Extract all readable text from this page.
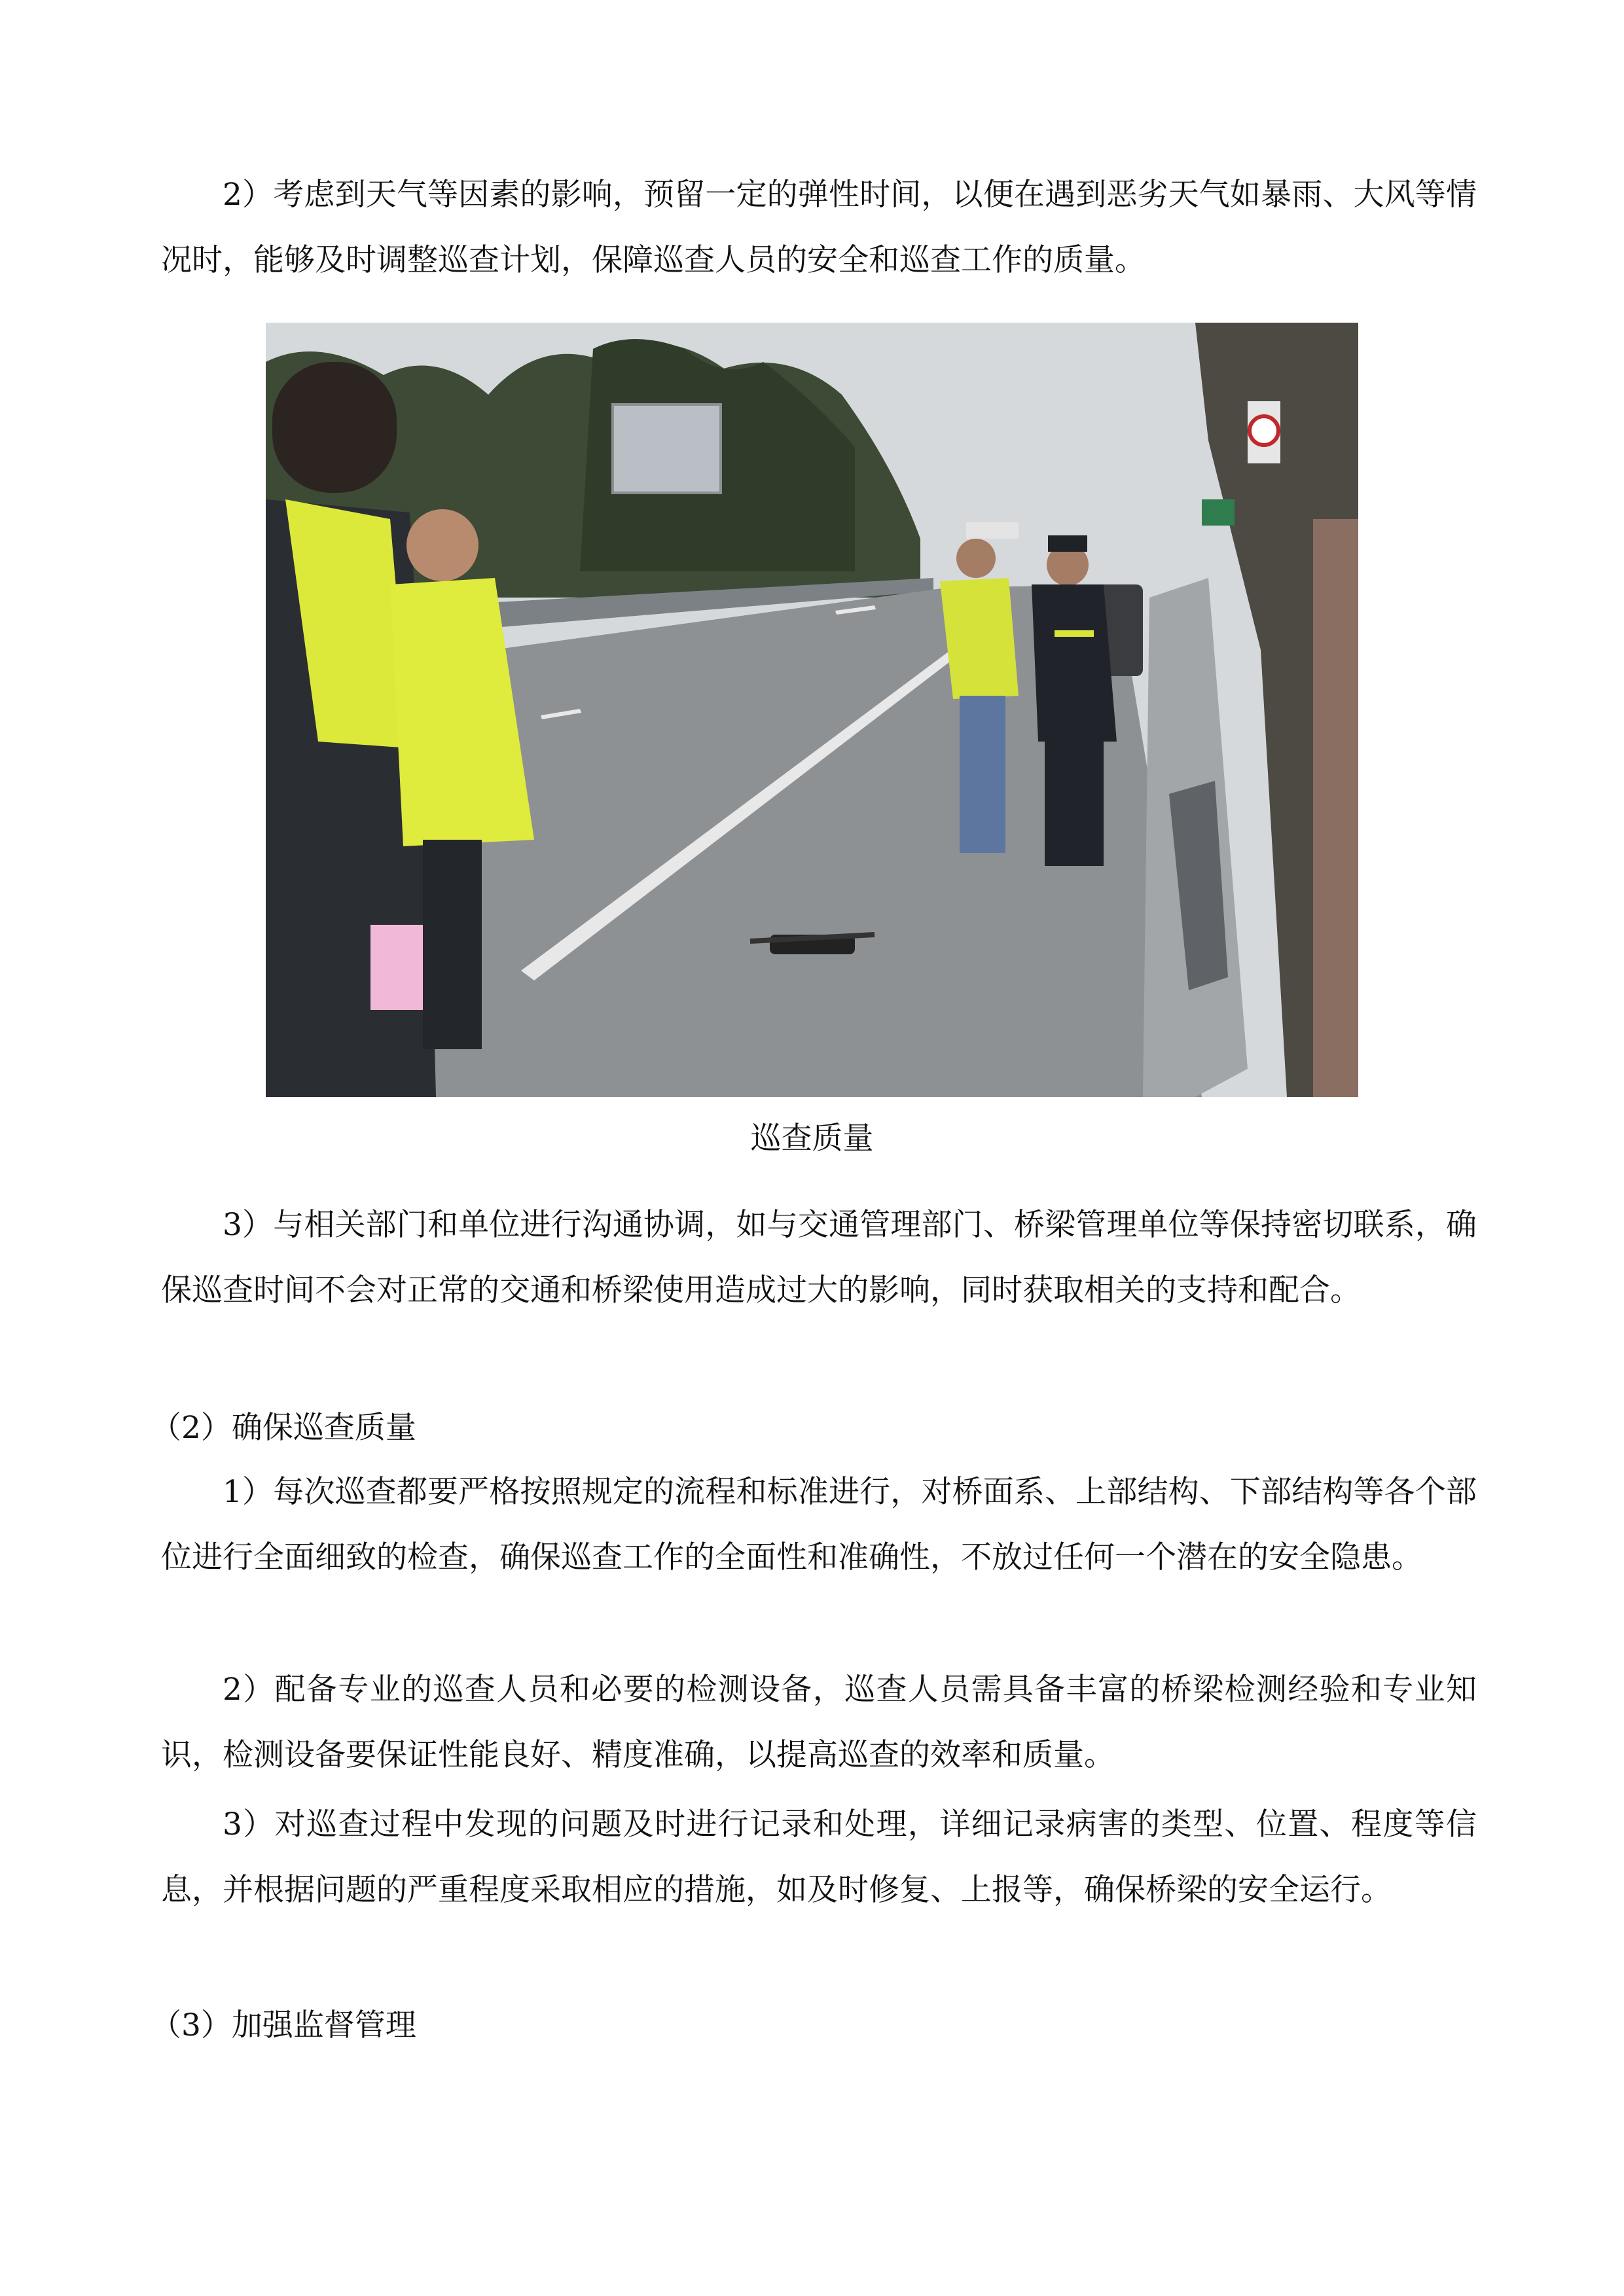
2）考虑到天气等因素的影响，预留一定的弹性时间，以便在遇到恶劣天气如暴雨、大风等情况时，能够及时调整巡查计划，保障巡查人员的安全和巡查工作的质量。

巡查质量

3）与相关部门和单位进行沟通协调，如与交通管理部门、桥梁管理单位等保持密切联系，确保巡查时间不会对正常的交通和桥梁使用造成过大的影响，同时获取相关的支持和配合。

（2）确保巡查质量

1）每次巡查都要严格按照规定的流程和标准进行，对桥面系、上部结构、下部结构等各个部位进行全面细致的检查，确保巡查工作的全面性和准确性，不放过任何一个潜在的安全隐患。

2）配备专业的巡查人员和必要的检测设备，巡查人员需具备丰富的桥梁检测经验和专业知识，检测设备要保证性能良好、精度准确，以提高巡查的效率和质量。

3）对巡查过程中发现的问题及时进行记录和处理，详细记录病害的类型、位置、程度等信息，并根据问题的严重程度采取相应的措施，如及时修复、上报等，确保桥梁的安全运行。

（3）加强监督管理
